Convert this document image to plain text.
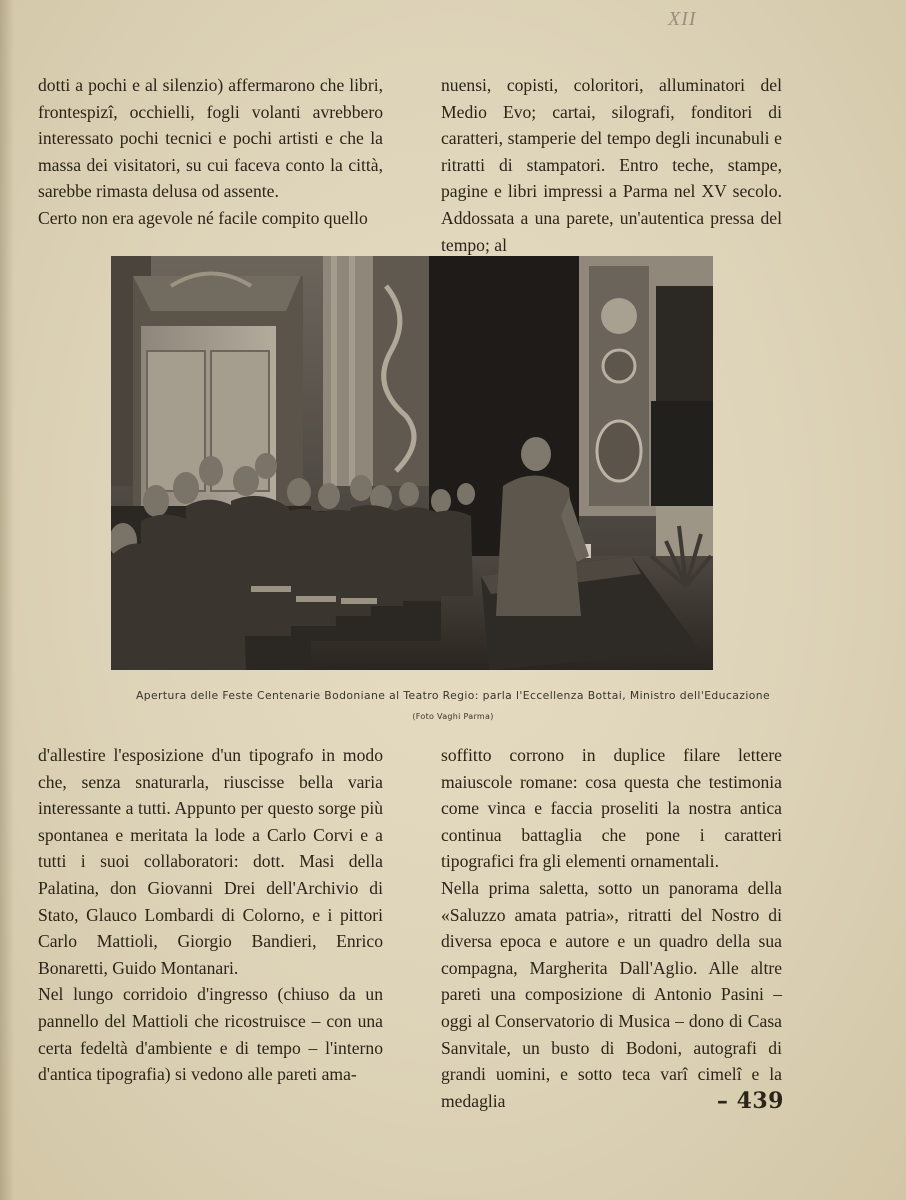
XII

dotti a pochi e al silenzio) affermarono che libri, frontespizî, occhielli, fogli volanti avrebbero interessato pochi tecnici e pochi artisti e che la massa dei visitatori, su cui faceva conto la città, sarebbe rimasta delusa od assente.

Certo non era agevole né facile compito quello

nuensi, copisti, coloritori, alluminatori del Medio Evo; cartai, silografi, fonditori di caratteri, stamperie del tempo degli incunabuli e ritratti di stampatori. Entro teche, stampe, pagine e libri impressi a Parma nel XV secolo. Addossata a una parete, un'autentica pressa del tempo; al

Apertura delle Feste Centenarie Bodoniane al Teatro Regio: parla l'Eccellenza Bottai, Ministro dell'Educazione
(Foto Vaghi Parma)

d'allestire l'esposizione d'un tipografo in modo che, senza snaturarla, riuscisse bella varia interessante a tutti. Appunto per questo sorge più spontanea e meritata la lode a Carlo Corvi e a tutti i suoi collaboratori: dott. Masi della Palatina, don Giovanni Drei dell'Archivio di Stato, Glauco Lombardi di Colorno, e i pittori Carlo Mattioli, Giorgio Bandieri, Enrico Bonaretti, Guido Montanari.

Nel lungo corridoio d'ingresso (chiuso da un pannello del Mattioli che ricostruisce – con una certa fedeltà d'ambiente e di tempo – l'interno d'antica tipografia) si vedono alle pareti ama-

soffitto corrono in duplice filare lettere maiuscole romane: cosa questa che testimonia come vinca e faccia proseliti la nostra antica continua battaglia che pone i caratteri tipografici fra gli elementi ornamentali.

Nella prima saletta, sotto un panorama della «Saluzzo amata patria», ritratti del Nostro di diversa epoca e autore e un quadro della sua compagna, Margherita Dall'Aglio. Alle altre pareti una composizione di Antonio Pasini – oggi al Conservatorio di Musica – dono di Casa Sanvitale, un busto di Bodoni, autografi di grandi uomini, e sotto teca varî cimelî e la medaglia	– 439
